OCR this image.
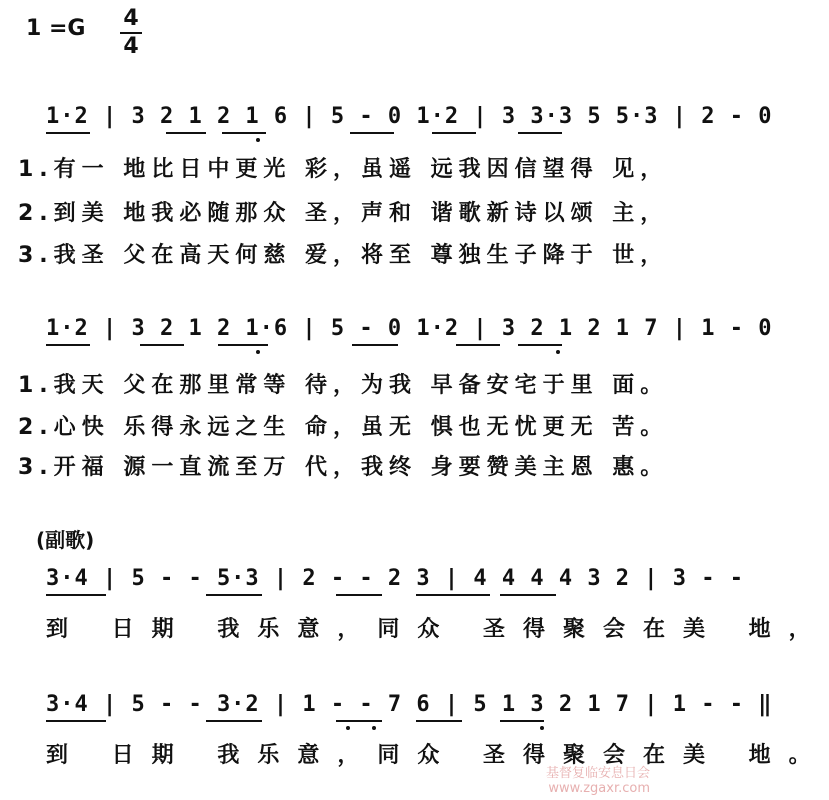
1 =G 4
4
1·2 | 3 2 1 2 1 6 | 5 - 0 1·2 | 3 3·3 5 5·3 | 2 - 0
1.有一 地比日中更光 彩，虽遥 远我因信望得 见，
2.到美 地我必随那众 圣，声和 谐歌新诗以颂 主，
3.我圣 父在高天何慈 爱，将至 尊独生子降于 世，
1·2 | 3 2 1 2 1·6 | 5 - 0 1·2 | 3 2 1 2 1 7 | 1 - 0
1.我天 父在那里常等 待，为我 早备安宅于里 面。
2.心快 乐得永远之生 命，虽无 惧也无忧更无 苦。
3.开福 源一直流至万 代，我终 身要赞美主恩 惠。
(副歌)
3·4 | 5 - - 5·3 | 2 - - 2 3 | 4 4 4 4 3 2 | 3 - -
到 日期 我乐意，同众 圣得聚会在美 地，
3·4 | 5 - - 3·2 | 1 - - 7 6 | 5 1 3 2 1 7 | 1 - - ‖
到 日期 我乐意，同众 圣得聚会在美 地。
基督复临安息日会
www.zgaxr.com
